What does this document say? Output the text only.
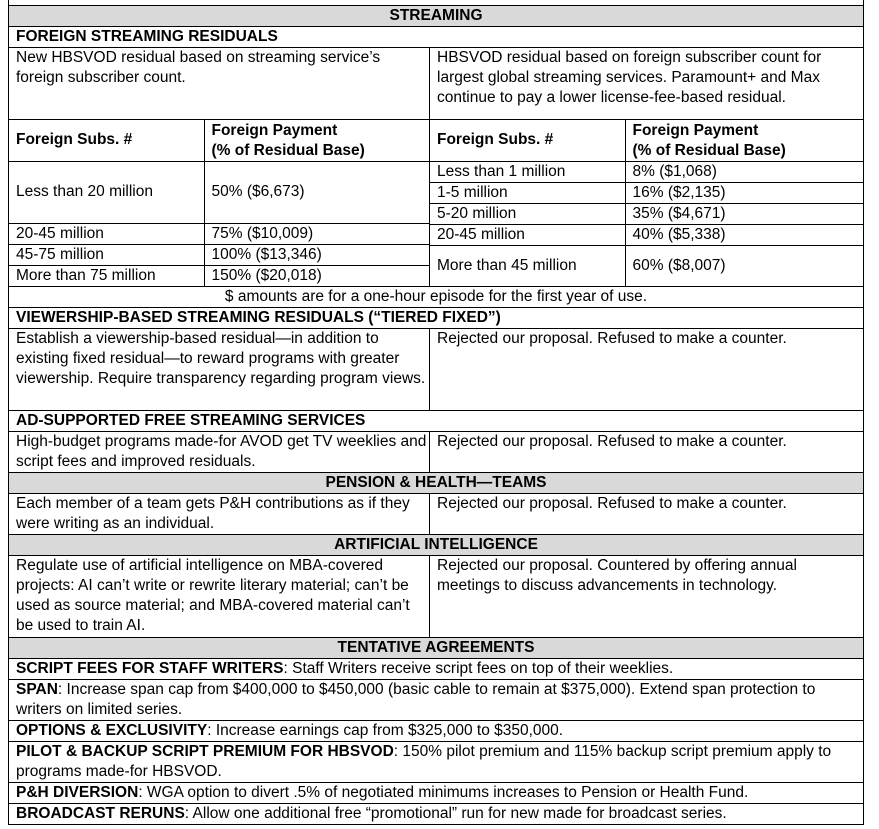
STREAMING
FOREIGN STREAMING RESIDUALS
New HBSVOD residual based on streaming service’s foreign subscriber count.	HBSVOD residual based on foreign subscriber count for largest global streaming services. Paramount+ and Max continue to pay a lower license-fee-based residual.

Foreign Subs. #	Foreign Payment
(% of Residual Base)
Less than 20 million	50% ($6,673)
20-45 million	75% ($10,009)
45-75 million	100% ($13,346)
More than 75 million	150% ($20,018)

Foreign Subs. #	Foreign Payment
(% of Residual Base)
Less than 1 million	8% ($1,068)
1-5 million	16% ($2,135)
5-20 million	35% ($4,671)
20-45 million	40% ($5,338)
More than 45 million	60% ($8,007)

$ amounts are for a one-hour episode for the first year of use.
VIEWERSHIP-BASED STREAMING RESIDUALS (“TIERED FIXED”)
Establish a viewership-based residual—in addition to existing fixed residual—to reward programs with greater viewership. Require transparency regarding program views.	Rejected our proposal. Refused to make a counter.
AD-SUPPORTED FREE STREAMING SERVICES
High-budget programs made-for AVOD get TV weeklies and script fees and improved residuals.	Rejected our proposal. Refused to make a counter.
PENSION & HEALTH—TEAMS
Each member of a team gets P&H contributions as if they were writing as an individual.	Rejected our proposal. Refused to make a counter.
ARTIFICIAL INTELLIGENCE
Regulate use of artificial intelligence on MBA-covered projects: AI can’t write or rewrite literary material; can’t be used as source material; and MBA-covered material can’t be used to train AI.	Rejected our proposal. Countered by offering annual meetings to discuss advancements in technology.
TENTATIVE AGREEMENTS
SCRIPT FEES FOR STAFF WRITERS: Staff Writers receive script fees on top of their weeklies.
SPAN: Increase span cap from $400,000 to $450,000 (basic cable to remain at $375,000). Extend span protection to writers on limited series.
OPTIONS & EXCLUSIVITY: Increase earnings cap from $325,000 to $350,000.
PILOT & BACKUP SCRIPT PREMIUM FOR HBSVOD: 150% pilot premium and 115% backup script premium apply to programs made-for HBSVOD.
P&H DIVERSION: WGA option to divert .5% of negotiated minimums increases to Pension or Health Fund.
BROADCAST RERUNS: Allow one additional free “promotional” run for new made for broadcast series.
